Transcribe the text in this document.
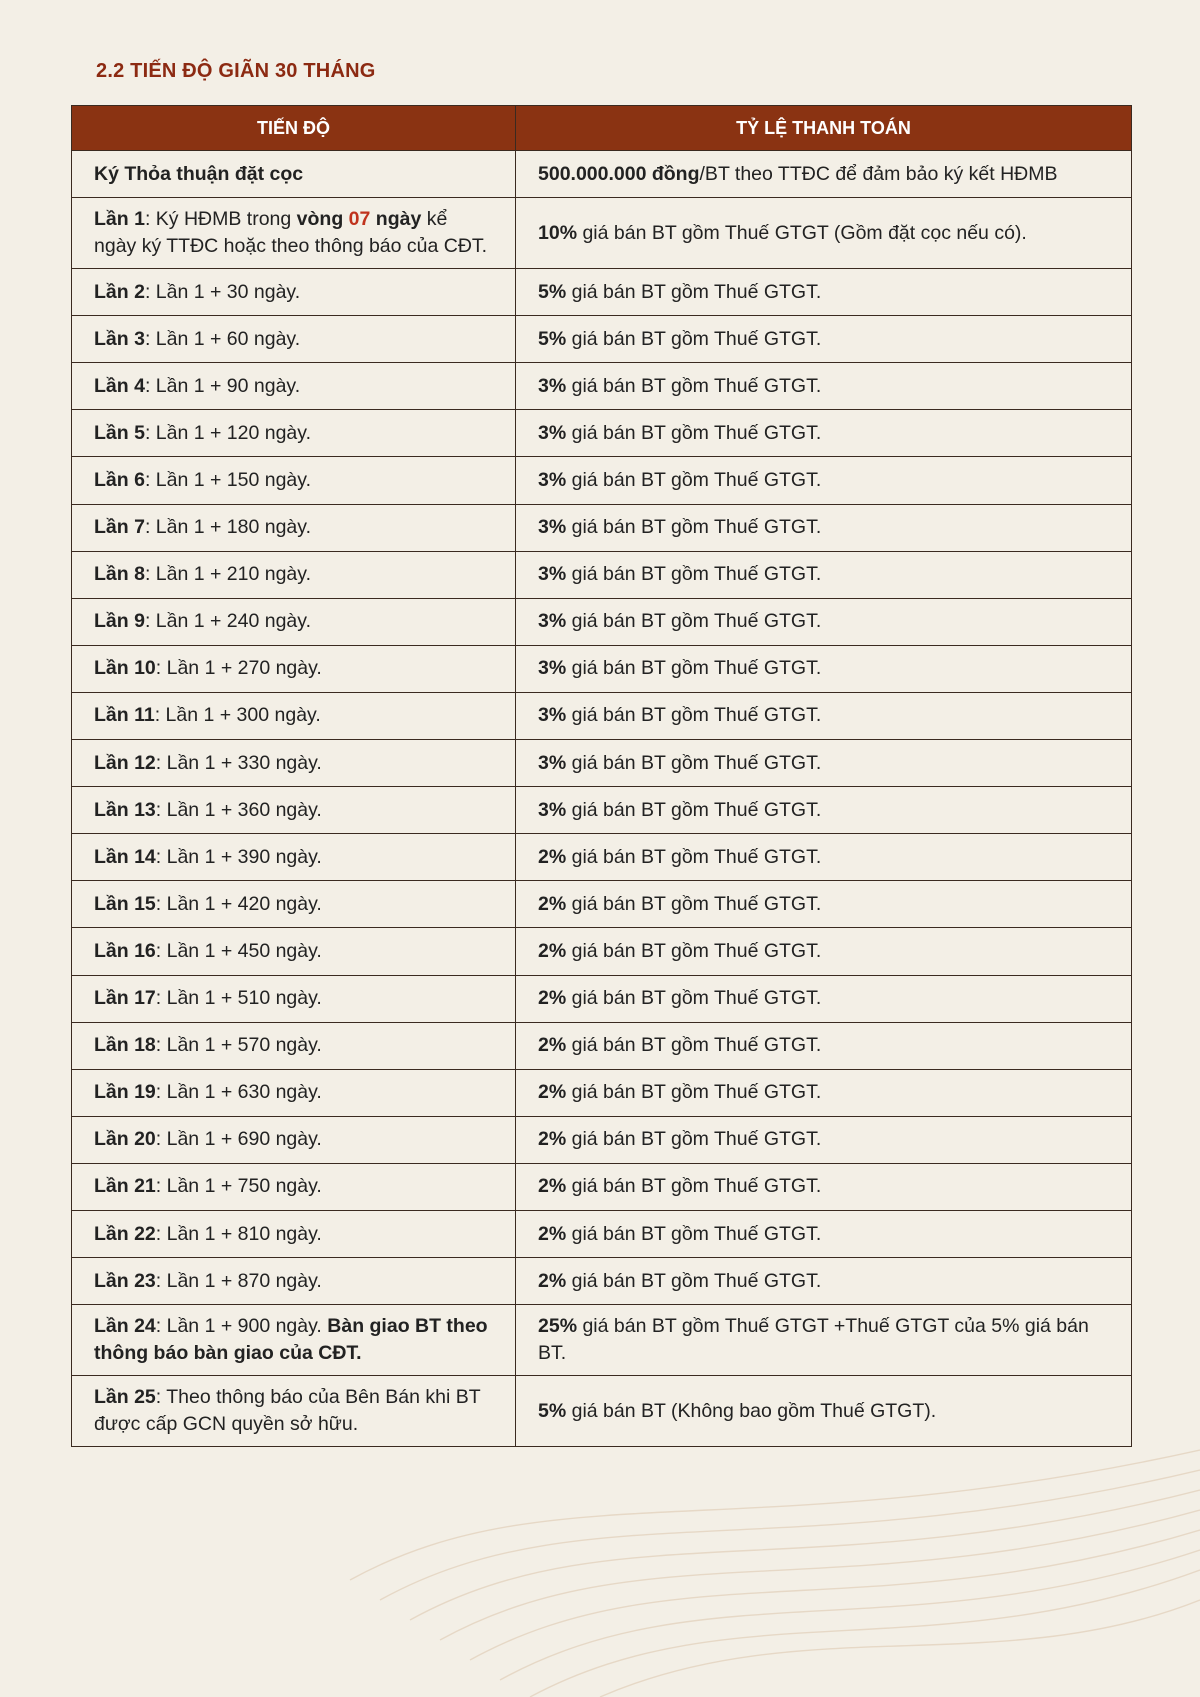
2.2 TIẾN ĐỘ GIÃN 30 THÁNG
TIẾN ĐỘ	TỶ LỆ THANH TOÁN
Ký Thỏa thuận đặt cọc	500.000.000 đồng/BT theo TTĐC để đảm bảo ký kết HĐMB
Lần 1: Ký HĐMB trong vòng 07 ngày kể ngày ký TTĐC hoặc theo thông báo của CĐT.	10% giá bán BT gồm Thuế GTGT (Gồm đặt cọc nếu có).
Lần 2: Lần 1 + 30 ngày.	5% giá bán BT gồm Thuế GTGT.
Lần 3: Lần 1 + 60 ngày.	5% giá bán BT gồm Thuế GTGT.
Lần 4: Lần 1 + 90 ngày.	3% giá bán BT gồm Thuế GTGT.
Lần 5: Lần 1 + 120 ngày.	3% giá bán BT gồm Thuế GTGT.
Lần 6: Lần 1 + 150 ngày.	3% giá bán BT gồm Thuế GTGT.
Lần 7: Lần 1 + 180 ngày.	3% giá bán BT gồm Thuế GTGT.
Lần 8: Lần 1 + 210 ngày.	3% giá bán BT gồm Thuế GTGT.
Lần 9: Lần 1 + 240 ngày.	3% giá bán BT gồm Thuế GTGT.
Lần 10: Lần 1 + 270 ngày.	3% giá bán BT gồm Thuế GTGT.
Lần 11: Lần 1 + 300 ngày.	3% giá bán BT gồm Thuế GTGT.
Lần 12: Lần 1 + 330 ngày.	3% giá bán BT gồm Thuế GTGT.
Lần 13: Lần 1 + 360 ngày.	3% giá bán BT gồm Thuế GTGT.
Lần 14: Lần 1 + 390 ngày.	2% giá bán BT gồm Thuế GTGT.
Lần 15: Lần 1 + 420 ngày.	2% giá bán BT gồm Thuế GTGT.
Lần 16: Lần 1 + 450 ngày.	2% giá bán BT gồm Thuế GTGT.
Lần 17: Lần 1 + 510 ngày.	2% giá bán BT gồm Thuế GTGT.
Lần 18: Lần 1 + 570 ngày.	2% giá bán BT gồm Thuế GTGT.
Lần 19: Lần 1 + 630 ngày.	2% giá bán BT gồm Thuế GTGT.
Lần 20: Lần 1 + 690 ngày.	2% giá bán BT gồm Thuế GTGT.
Lần 21: Lần 1 + 750 ngày.	2% giá bán BT gồm Thuế GTGT.
Lần 22: Lần 1 + 810 ngày.	2% giá bán BT gồm Thuế GTGT.
Lần 23: Lần 1 + 870 ngày.	2% giá bán BT gồm Thuế GTGT.
Lần 24: Lần 1 + 900 ngày. Bàn giao BT theo thông báo bàn giao của CĐT.	25% giá bán BT gồm Thuế GTGT +Thuế GTGT của 5% giá bán BT.
Lần 25: Theo thông báo của Bên Bán khi BT được cấp GCN quyền sở hữu.	5% giá bán BT (Không bao gồm Thuế GTGT).
